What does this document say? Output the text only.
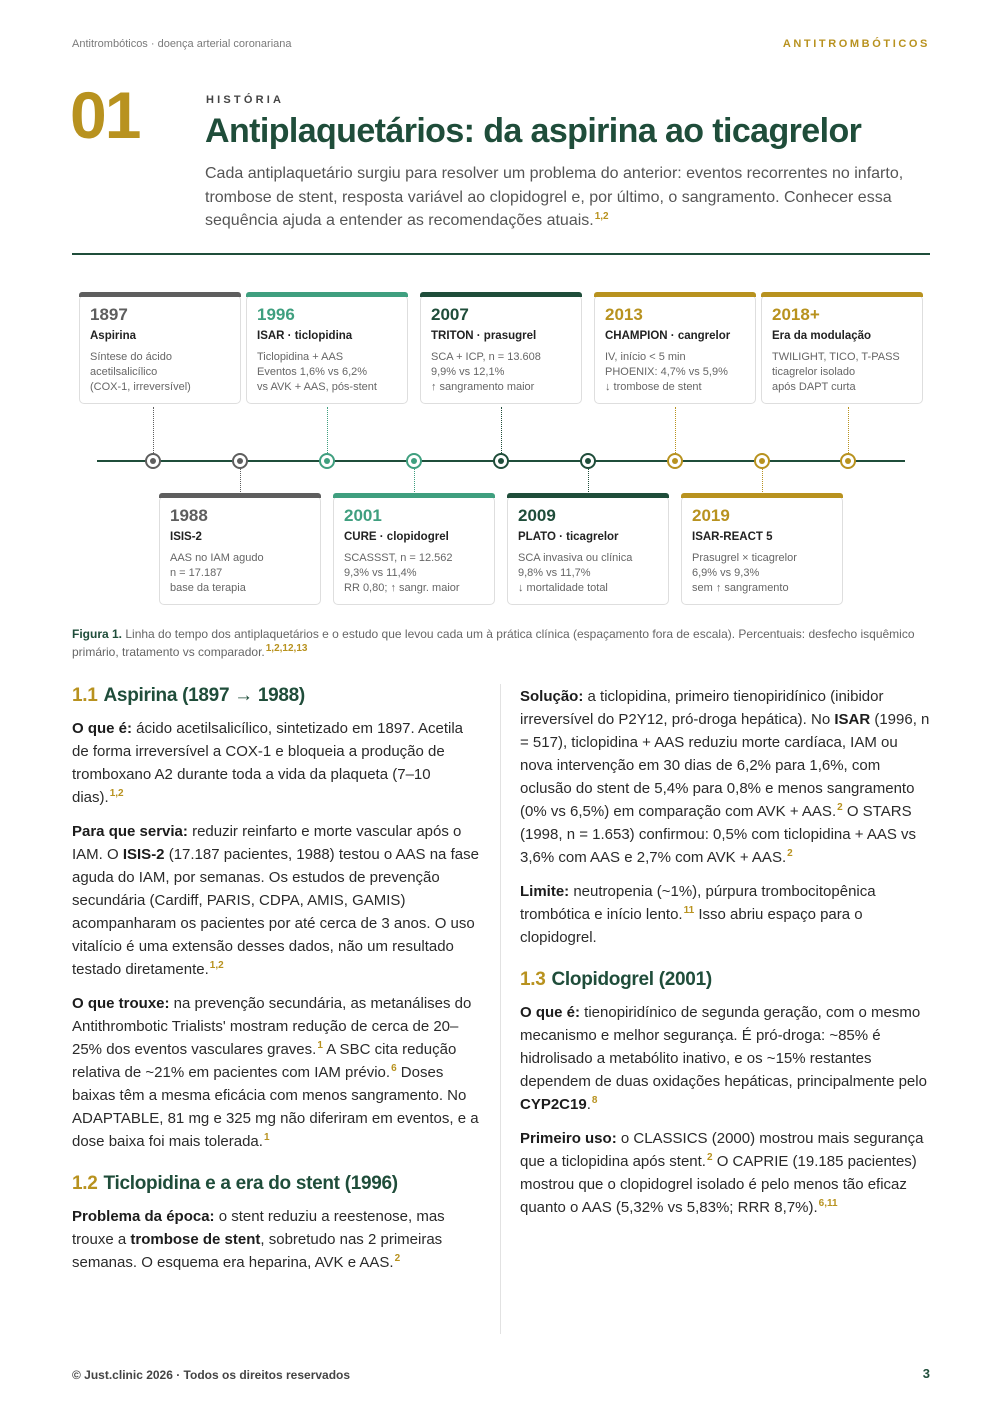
Antitrombóticos · doença arterial coronariana	ANTITROMBÓTICOS
01	HISTÓRIA
Antiplaquetários: da aspirina ao ticagrelor
Cada antiplaquetário surgiu para resolver um problema do anterior: eventos recorrentes no infarto, trombose de stent, resposta variável ao clopidogrel e, por último, o sangramento. Conhecer essa sequência ajuda a entender as recomendações atuais.$^{1,2}$
1897
Aspirina
Síntese do ácido
acetilsalicílico
(COX-1, irreversível)
1996
ISAR · ticlopidina
Ticlopidina + AAS
Eventos 1,6% vs 6,2%
vs AVK + AAS, pós-stent
2007
TRITON · prasugrel
SCA + ICP, n = 13.608
9,9% vs 12,1%
↑ sangramento maior
2013
CHAMPION · cangrelor
IV, início < 5 min
PHOENIX: 4,7% vs 5,9%
↓ trombose de stent
2018+
Era da modulação
TWILIGHT, TICO, T-PASS
ticagrelor isolado
após DAPT curta
1988
ISIS-2
AAS no IAM agudo
n = 17.187
base da terapia
2001
CURE · clopidogrel
SCASSST, n = 12.562
9,3% vs 11,4%
RR 0,80; ↑ sangr. maior
2009
PLATO · ticagrelor
SCA invasiva ou clínica
9,8% vs 11,7%
↓ mortalidade total
2019
ISAR-REACT 5
Prasugrel × ticagrelor
6,9% vs 9,3%
sem ↑ sangramento
Figura 1. Linha do tempo dos antiplaquetários e o estudo que levou cada um à prática clínica (espaçamento fora de escala). Percentuais: desfecho isquêmico primário, tratamento vs comparador.$^{1,2,12,13}$
1.1 Aspirina (1897 → 1988)

O que é: ácido acetilsalicílico, sintetizado em 1897. Acetila de forma irreversível a COX-1 e bloqueia a produção de tromboxano A2 durante toda a vida da plaqueta (7–10 dias).$^{1,2}$

Para que servia: reduzir reinfarto e morte vascular após o IAM. O ISIS-2 (17.187 pacientes, 1988) testou o AAS na fase aguda do IAM, por semanas. Os estudos de prevenção secundária (Cardiff, PARIS, CDPA, AMIS, GAMIS) acompanharam os pacientes por até cerca de 3 anos. O uso vitalício é uma extensão desses dados, não um resultado testado diretamente.$^{1,2}$

O que trouxe: na prevenção secundária, as metanálises do Antithrombotic Trialists' mostram redução de cerca de 20–25% dos eventos vasculares graves.$^1$ A SBC cita redução relativa de ~21% em pacientes com IAM prévio.$^6$ Doses baixas têm a mesma eficácia com menos sangramento. No ADAPTABLE, 81 mg e 325 mg não diferiram em eventos, e a dose baixa foi mais tolerada.$^1$

1.2 Ticlopidina e a era do stent (1996)

Problema da época: o stent reduziu a reestenose, mas trouxe a trombose de stent, sobretudo nas 2 primeiras semanas. O esquema era heparina, AVK e AAS.$^2$

Solução: a ticlopidina, primeiro tienopiridínico (inibidor irreversível do P2Y12, pró-droga hepática). No ISAR (1996, n = 517), ticlopidina + AAS reduziu morte cardíaca, IAM ou nova intervenção em 30 dias de 6,2% para 1,6%, com oclusão do stent de 5,4% para 0,8% e menos sangramento (0% vs 6,5%) em comparação com AVK + AAS.$^2$ O STARS (1998, n = 1.653) confirmou: 0,5% com ticlopidina + AAS vs 3,6% com AAS e 2,7% com AVK + AAS.$^2$

Limite: neutropenia (~1%), púrpura trombocitopênica trombótica e início lento.$^{11}$ Isso abriu espaço para o clopidogrel.

1.3 Clopidogrel (2001)

O que é: tienopiridínico de segunda geração, com o mesmo mecanismo e melhor segurança. É pró-droga: ~85% é hidrolisado a metabólito inativo, e os ~15% restantes dependem de duas oxidações hepáticas, principalmente pelo CYP2C19.$^8$

Primeiro uso: o CLASSICS (2000) mostrou mais segurança que a ticlopidina após stent.$^2$ O CAPRIE (19.185 pacientes) mostrou que o clopidogrel isolado é pelo menos tão eficaz quanto o AAS (5,32% vs 5,83%; RRR 8,7%).$^{6,11}$

© Just.clinic 2026 · Todos os direitos reservados	3
